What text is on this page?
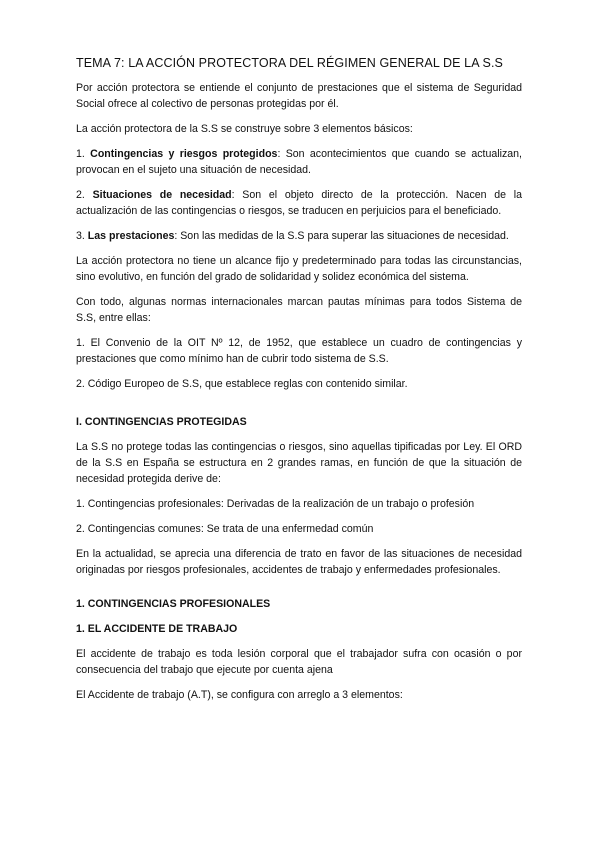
TEMA 7: LA ACCIÓN PROTECTORA DEL RÉGIMEN GENERAL DE LA S.S

Por acción protectora se entiende el conjunto de prestaciones que el sistema de Seguridad Social ofrece al colectivo de personas protegidas por él.

La acción protectora de la S.S se construye sobre 3 elementos básicos:

1. Contingencias y riesgos protegidos: Son acontecimientos que cuando se actualizan, provocan en el sujeto una situación de necesidad.

2. Situaciones de necesidad: Son el objeto directo de la protección. Nacen de la actualización de las contingencias o riesgos, se traducen en perjuicios para el beneficiado.

3. Las prestaciones: Son las medidas de la S.S para superar las situaciones de necesidad.

La acción protectora no tiene un alcance fijo y predeterminado para todas las circunstancias, sino evolutivo, en función del grado de solidaridad y solidez económica del sistema.

Con todo, algunas normas internacionales marcan pautas mínimas para todos Sistema de S.S, entre ellas:

1. El Convenio de la OIT Nº 12, de 1952, que establece un cuadro de contingencias y prestaciones que como mínimo han de cubrir todo sistema de S.S.

2. Código Europeo de S.S, que establece reglas con contenido similar.

I. CONTINGENCIAS PROTEGIDAS

La S.S no protege todas las contingencias o riesgos, sino aquellas tipificadas por Ley. El ORD de la S.S en España se estructura en 2 grandes ramas, en función de que la situación de necesidad protegida derive de:

1. Contingencias profesionales: Derivadas de la realización de un trabajo o profesión

2. Contingencias comunes: Se trata de una enfermedad común

En la actualidad, se aprecia una diferencia de trato en favor de las situaciones de necesidad originadas por riesgos profesionales, accidentes de trabajo y enfermedades profesionales.

1. CONTINGENCIAS PROFESIONALES
1. EL ACCIDENTE DE TRABAJO

El accidente de trabajo es toda lesión corporal que el trabajador sufra con ocasión o por consecuencia del trabajo que ejecute por cuenta ajena

El Accidente de trabajo (A.T), se configura con arreglo a 3 elementos:
